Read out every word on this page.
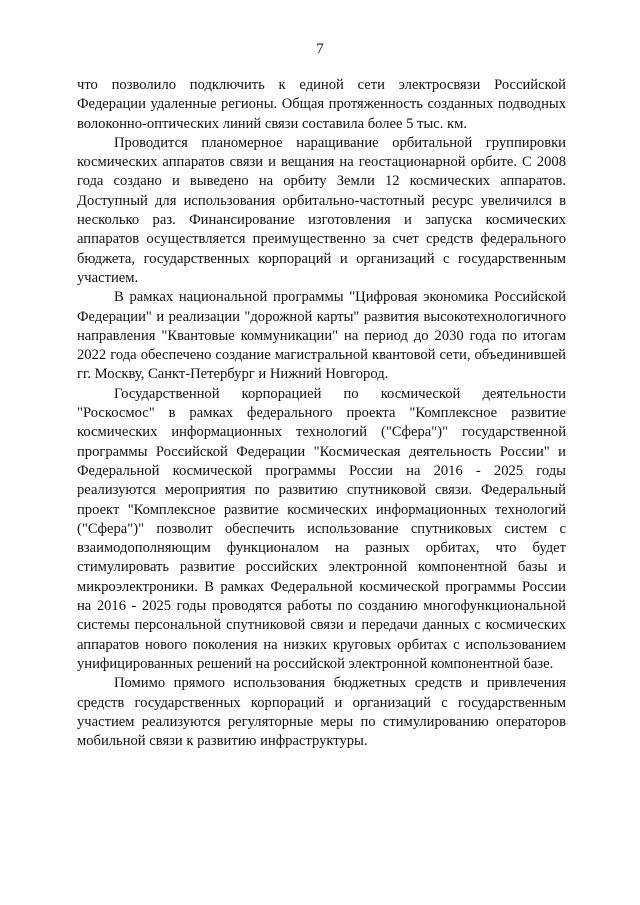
7

что позволило подключить к единой сети электросвязи Российской Федерации удаленные регионы. Общая протяженность созданных подводных волоконно-оптических линий связи составила более 5 тыс. км.

Проводится планомерное наращивание орбитальной группировки космических аппаратов связи и вещания на геостационарной орбите. С 2008 года создано и выведено на орбиту Земли 12 космических аппаратов. Доступный для использования орбитально-частотный ресурс увеличился в несколько раз. Финансирование изготовления и запуска космических аппаратов осуществляется преимущественно за счет средств федерального бюджета, государственных корпораций и организаций с государственным участием.

В рамках национальной программы "Цифровая экономика Российской Федерации" и реализации "дорожной карты" развития высокотехнологичного направления "Квантовые коммуникации" на период до 2030 года по итогам 2022 года обеспечено создание магистральной квантовой сети, объединившей гг. Москву, Санкт-Петербург и Нижний Новгород.

Государственной корпорацией по космической деятельности "Роскосмос" в рамках федерального проекта "Комплексное развитие космических информационных технологий ("Сфера")" государственной программы Российской Федерации "Космическая деятельность России" и Федеральной космической программы России на 2016 - 2025 годы реализуются мероприятия по развитию спутниковой связи. Федеральный проект "Комплексное развитие космических информационных технологий ("Сфера")" позволит обеспечить использование спутниковых систем с взаимодополняющим функционалом на разных орбитах, что будет стимулировать развитие российских электронной компонентной базы и микроэлектроники. В рамках Федеральной космической программы России на 2016 - 2025 годы проводятся работы по созданию многофункциональной системы персональной спутниковой связи и передачи данных с космических аппаратов нового поколения на низких круговых орбитах с использованием унифицированных решений на российской электронной компонентной базе.

Помимо прямого использования бюджетных средств и привлечения средств государственных корпораций и организаций с государственным участием реализуются регуляторные меры по стимулированию операторов мобильной связи к развитию инфраструктуры.
